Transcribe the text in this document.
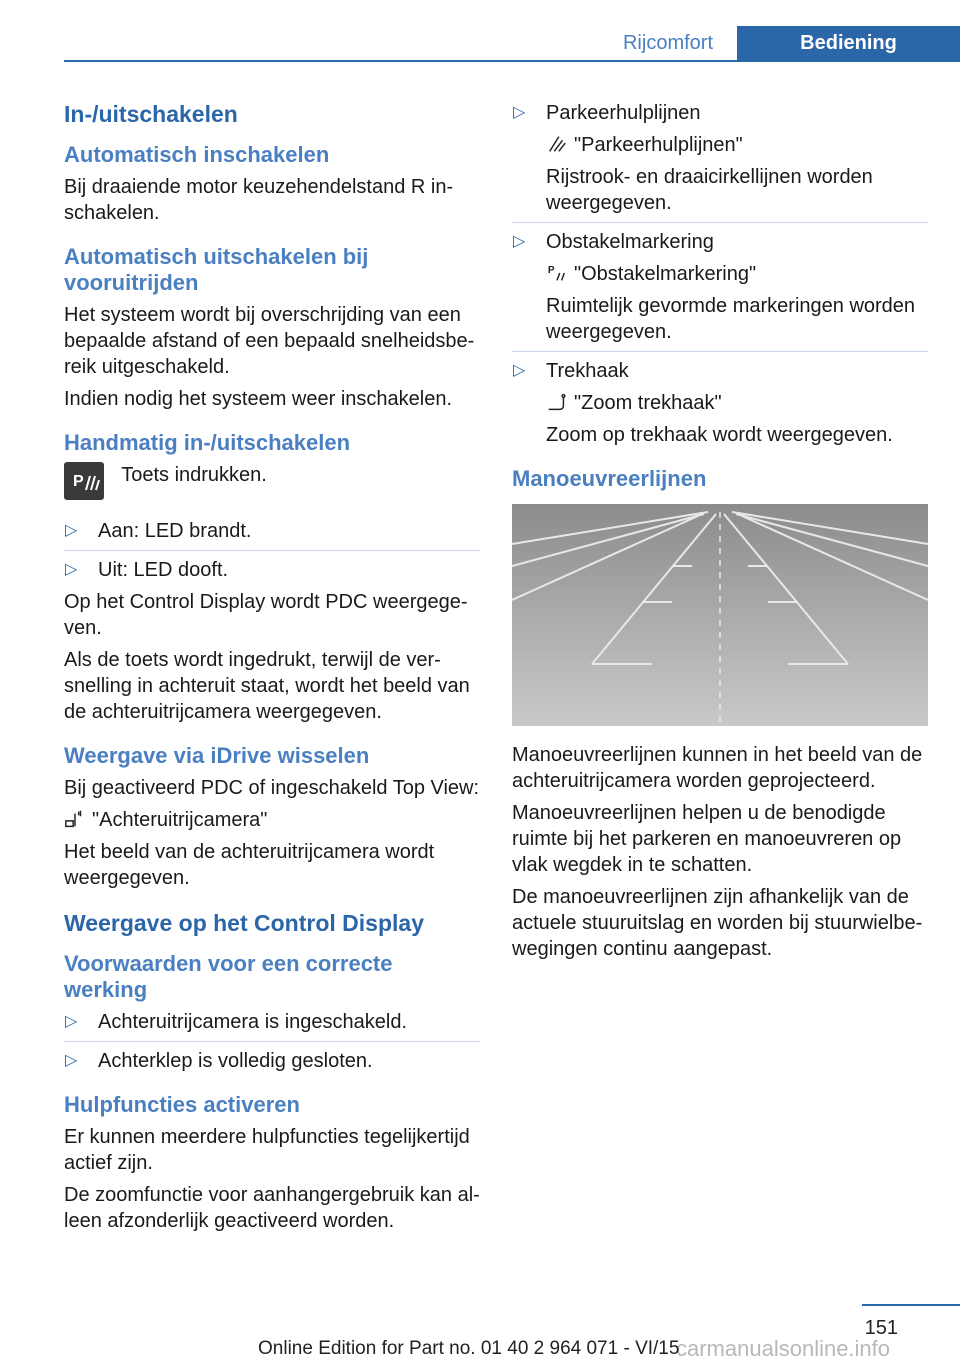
Rijcomfort	Bediening
In-/uitschakelen
Automatisch inschakelen
Bij draaiende motor keuzehendelstand R inschakelen.
Automatisch uitschakelen bij vooruitrijden
Het systeem wordt bij overschrijding van een bepaalde afstand of een bepaald snelheidsbereik uitgeschakeld.
Indien nodig het systeem weer inschakelen.
Handmatig in-/uitschakelen
P Toets indrukken.
▷ Aan: LED brandt.
▷ Uit: LED dooft.
Op het Control Display wordt PDC weergegeven.
Als de toets wordt ingedrukt, terwijl de versnelling in achteruit staat, wordt het beeld van de achteruitrijcamera weergegeven.
Weergave via iDrive wisselen
Bij geactiveerd PDC of ingeschakeld Top View:
"Achteruitrijcamera"
Het beeld van de achteruitrijcamera wordt weergegeven.
Weergave op het Control Display
Voorwaarden voor een correcte werking
▷ Achteruitrijcamera is ingeschakeld.
▷ Achterklep is volledig gesloten.
Hulpfuncties activeren
Er kunnen meerdere hulpfuncties tegelijkertijd actief zijn.
De zoomfunctie voor aanhangergebruik kan alleen afzonderlijk geactiveerd worden.
▷ Parkeerhulplijnen
"Parkeerhulplijnen"
Rijstrook- en draaicirkellijnen worden weergegeven.
▷ Obstakelmarkering
P "Obstakelmarkering"
Ruimtelijk gevormde markeringen worden weergegeven.
▷ Trekhaak
"Zoom trekhaak"
Zoom op trekhaak wordt weergegeven.
Manoeuvreerlijnen
Manoeuvreerlijnen kunnen in het beeld van de achteruitrijcamera worden geprojecteerd.
Manoeuvreerlijnen helpen u de benodigde ruimte bij het parkeren en manoeuvreren op vlak wegdek in te schatten.
De manoeuvreerlijnen zijn afhankelijk van de actuele stuuruitslag en worden bij stuurwielbewegingen continu aangepast.
151
carmanualsonline.info
Online Edition for Part no. 01 40 2 964 071 - VI/15
